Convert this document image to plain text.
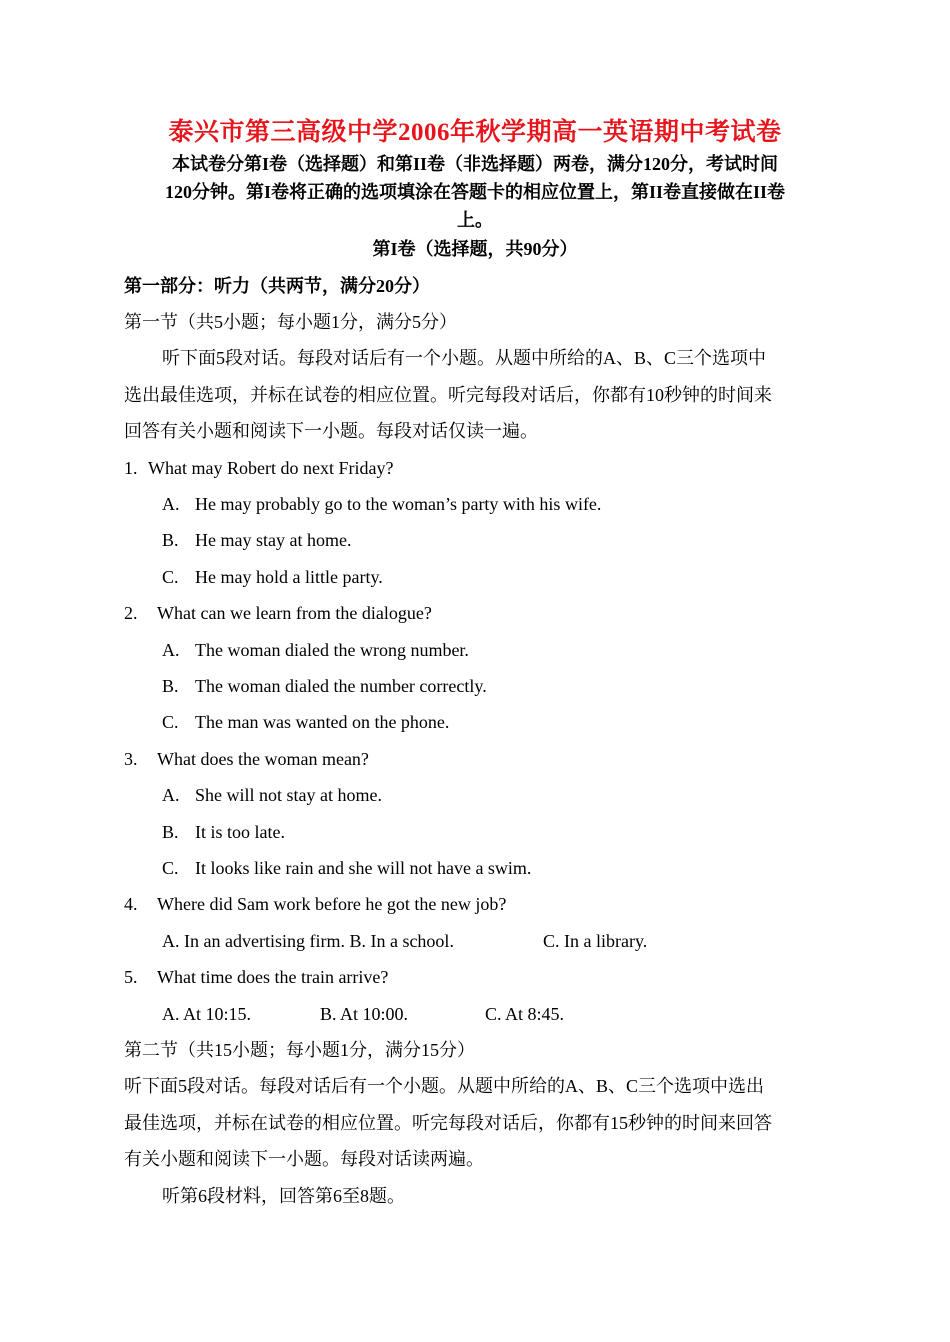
泰兴市第三高级中学2006年秋学期高一英语期中考试卷
本试卷分第I卷（选择题）和第II卷（非选择题）两卷，满分120分，考试时间
120分钟。第I卷将正确的选项填涂在答题卡的相应位置上，第II卷直接做在II卷
上。
第I卷（选择题，共90分）
第一部分：听力（共两节，满分20分）
第一节（共5小题；每小题1分，满分5分）
听下面5段对话。每段对话后有一个小题。从题中所给的A、B、C三个选项中
选出最佳选项，并标在试卷的相应位置。听完每段对话后，你都有10秒钟的时间来
回答有关小题和阅读下一小题。每段对话仅读一遍。
1. What may Robert do next Friday?
A. He may probably go to the woman’s party with his wife.
B. He may stay at home.
C. He may hold a little party.
2. What can we learn from the dialogue?
A. The woman dialed the wrong number.
B. The woman dialed the number correctly.
C. The man was wanted on the phone.
3. What does the woman mean?
A. She will not stay at home.
B. It is too late.
C. It looks like rain and she will not have a swim.
4. Where did Sam work before he got the new job?
A. In an advertising firm. B. In a school.	C. In a library.
5. What time does the train arrive?
A. At 10:15.	B. At 10:00.	C. At 8:45.
第二节（共15小题；每小题1分，满分15分）
听下面5段对话。每段对话后有一个小题。从题中所给的A、B、C三个选项中选出
最佳选项，并标在试卷的相应位置。听完每段对话后，你都有15秒钟的时间来回答
有关小题和阅读下一小题。每段对话读两遍。
听第6段材料，回答第6至8题。
